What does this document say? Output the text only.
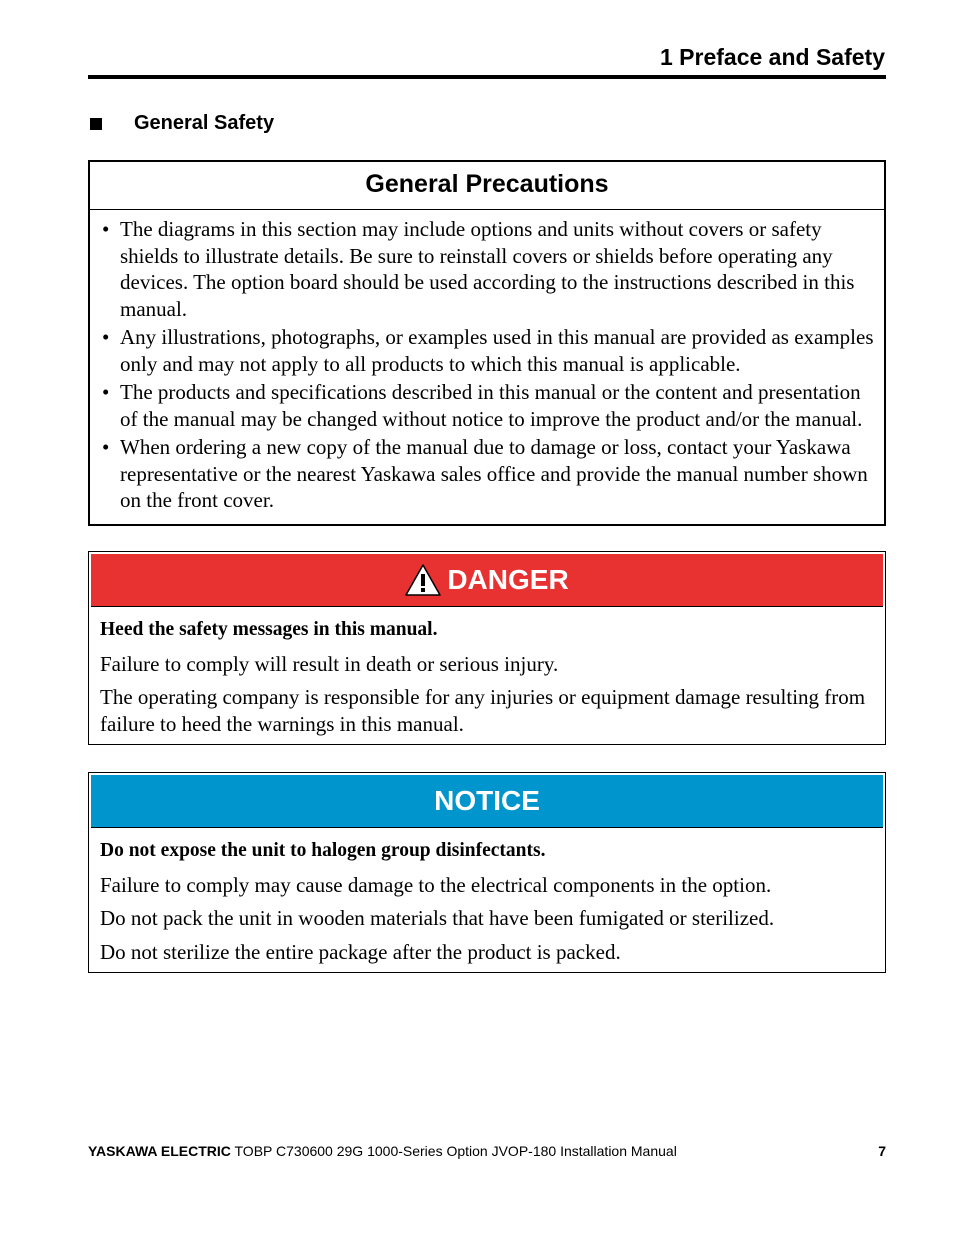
1 Preface and Safety
General Safety
General Precautions
• The diagrams in this section may include options and units without covers or safety shields to illustrate details. Be sure to reinstall covers or shields before operating any devices. The option board should be used according to the instructions described in this manual.
• Any illustrations, photographs, or examples used in this manual are provided as examples only and may not apply to all products to which this manual is applicable.
• The products and specifications described in this manual or the content and presentation of the manual may be changed without notice to improve the product and/or the manual.
• When ordering a new copy of the manual due to damage or loss, contact your Yaskawa representative or the nearest Yaskawa sales office and provide the manual number shown on the front cover.
DANGER

Heed the safety messages in this manual.

Failure to comply will result in death or serious injury.

The operating company is responsible for any injuries or equipment damage resulting from failure to heed the warnings in this manual.

NOTICE

Do not expose the unit to halogen group disinfectants.

Failure to comply may cause damage to the electrical components in the option.

Do not pack the unit in wooden materials that have been fumigated or sterilized.

Do not sterilize the entire package after the product is packed.

YASKAWA ELECTRIC TOBP C730600 29G 1000-Series Option JVOP-180 Installation Manual	7
